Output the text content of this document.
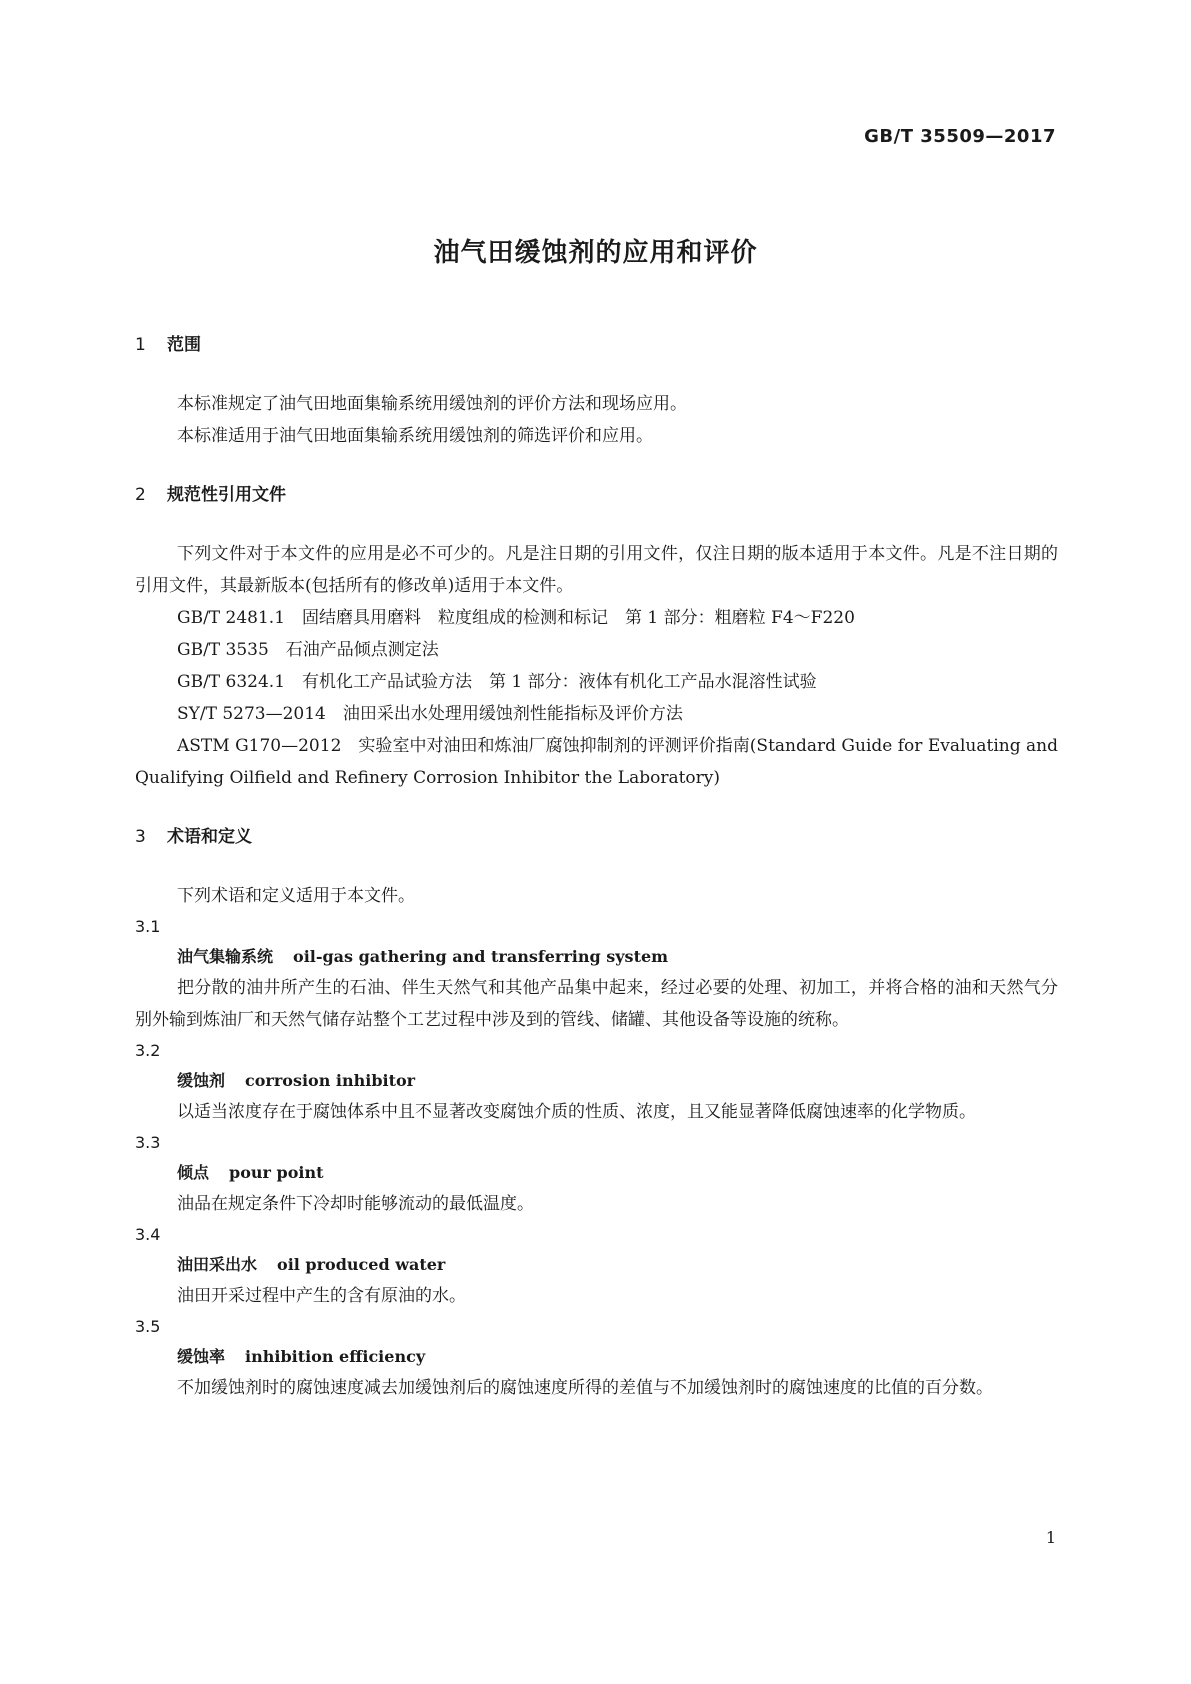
GB/T 35509—2017
油气田缓蚀剂的应用和评价
1 范围

本标准规定了油气田地面集输系统用缓蚀剂的评价方法和现场应用。

本标准适用于油气田地面集输系统用缓蚀剂的筛选评价和应用。

2 规范性引用文件

下列文件对于本文件的应用是必不可少的。凡是注日期的引用文件，仅注日期的版本适用于本文件。凡是不注日期的引用文件，其最新版本(包括所有的修改单)适用于本文件。

GB/T 2481.1　固结磨具用磨料　粒度组成的检测和标记　第 1 部分：粗磨粒 F4～F220

GB/T 3535　石油产品倾点测定法

GB/T 6324.1　有机化工产品试验方法　第 1 部分：液体有机化工产品水混溶性试验

SY/T 5273—2014　油田采出水处理用缓蚀剂性能指标及评价方法

ASTM G170—2012　实验室中对油田和炼油厂腐蚀抑制剂的评测评价指南(Standard Guide for Evaluating and Qualifying Oilfield and Refinery Corrosion Inhibitor the Laboratory)

3 术语和定义

下列术语和定义适用于本文件。

3.1
油气集输系统 oil-gas gathering and transferring system

把分散的油井所产生的石油、伴生天然气和其他产品集中起来，经过必要的处理、初加工，并将合格的油和天然气分别外输到炼油厂和天然气储存站整个工艺过程中涉及到的管线、储罐、其他设备等设施的统称。

3.2
缓蚀剂 corrosion inhibitor

以适当浓度存在于腐蚀体系中且不显著改变腐蚀介质的性质、浓度，且又能显著降低腐蚀速率的化学物质。

3.3
倾点 pour point

油品在规定条件下冷却时能够流动的最低温度。

3.4
油田采出水 oil produced water

油田开采过程中产生的含有原油的水。

3.5
缓蚀率 inhibition efficiency

不加缓蚀剂时的腐蚀速度减去加缓蚀剂后的腐蚀速度所得的差值与不加缓蚀剂时的腐蚀速度的比值的百分数。

1
